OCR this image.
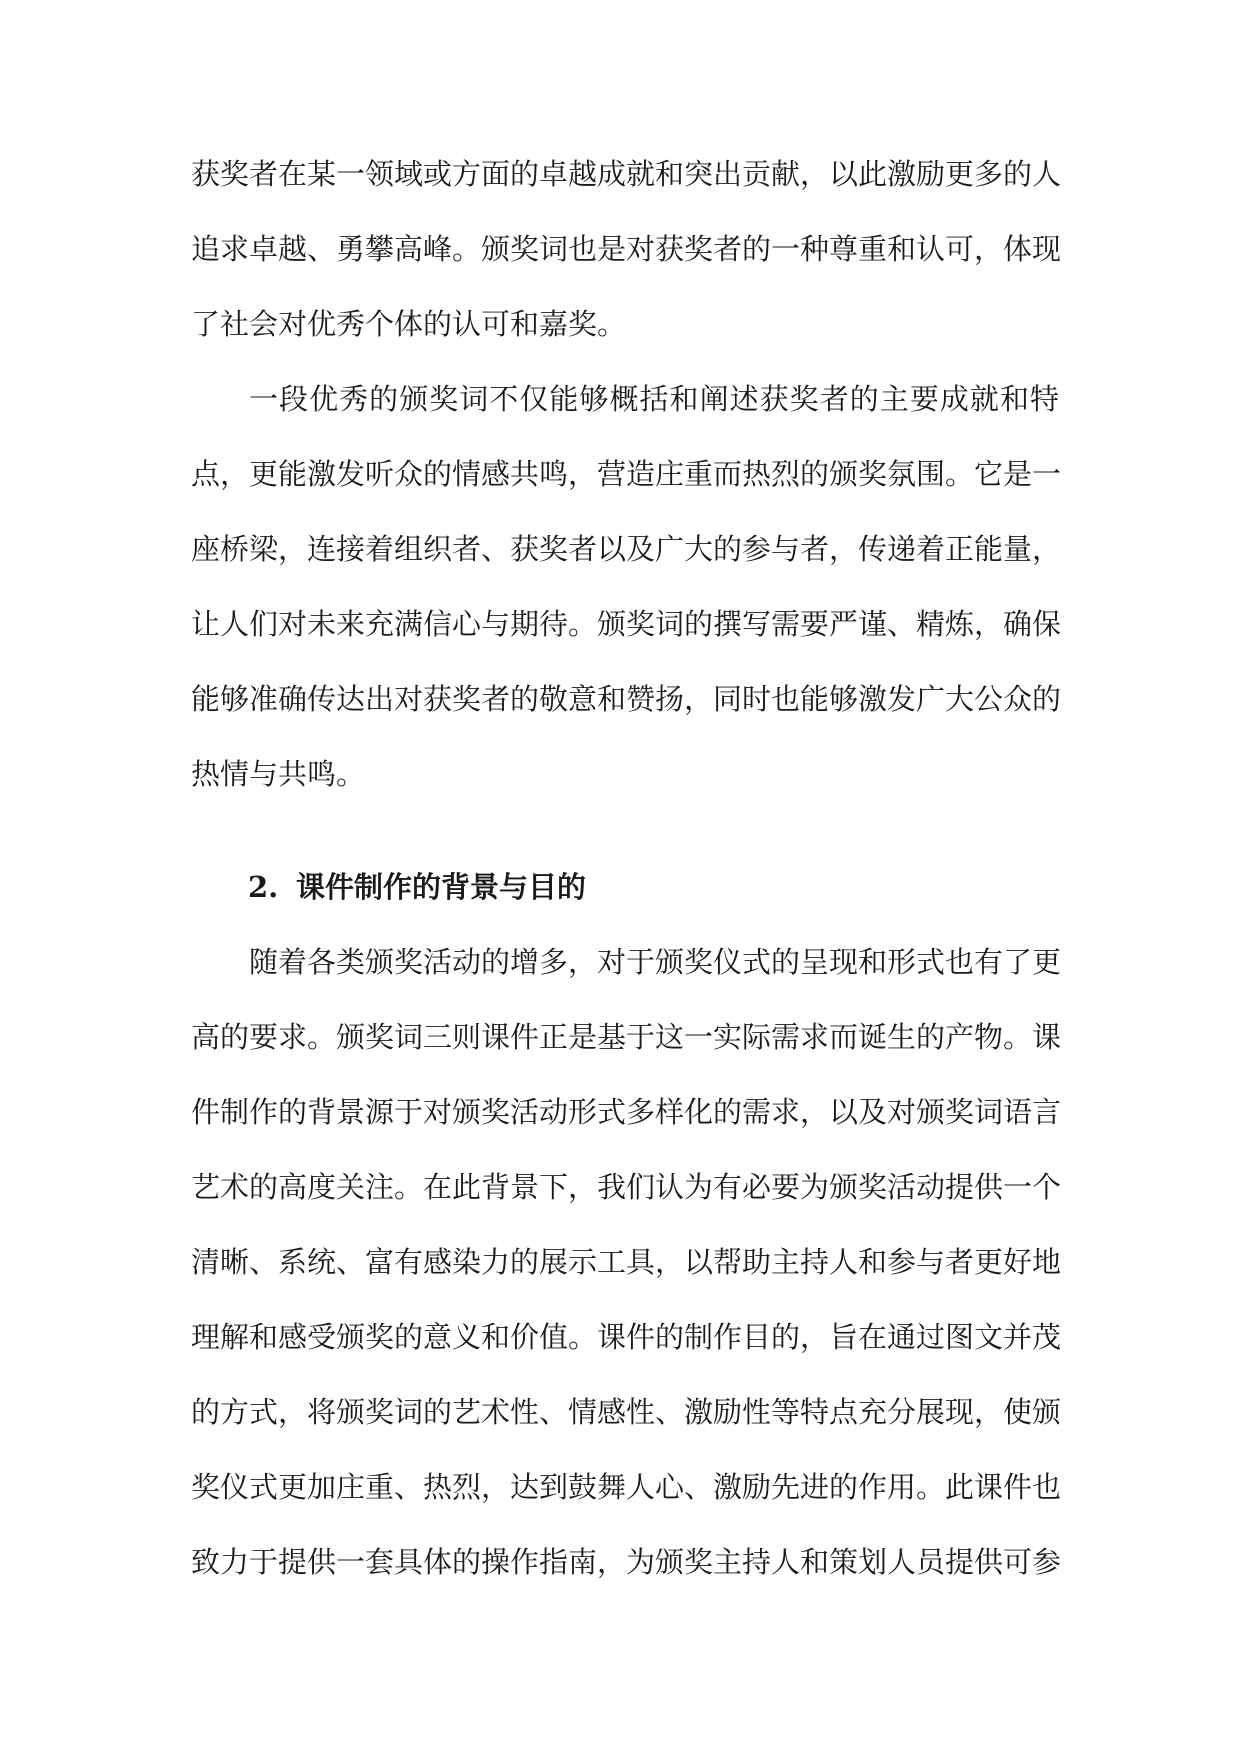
获奖者在某一领域或方面的卓越成就和突出贡献，以此激励更多的人
追求卓越、勇攀高峰。颁奖词也是对获奖者的一种尊重和认可，体现
了社会对优秀个体的认可和嘉奖。
一段优秀的颁奖词不仅能够概括和阐述获奖者的主要成就和特
点，更能激发听众的情感共鸣，营造庄重而热烈的颁奖氛围。它是一
座桥梁，连接着组织者、获奖者以及广大的参与者，传递着正能量，
让人们对未来充满信心与期待。颁奖词的撰写需要严谨、精炼，确保
能够准确传达出对获奖者的敬意和赞扬，同时也能够激发广大公众的
热情与共鸣。
2. 课件制作的背景与目的
随着各类颁奖活动的增多，对于颁奖仪式的呈现和形式也有了更
高的要求。颁奖词三则课件正是基于这一实际需求而诞生的产物。课
件制作的背景源于对颁奖活动形式多样化的需求，以及对颁奖词语言
艺术的高度关注。在此背景下，我们认为有必要为颁奖活动提供一个
清晰、系统、富有感染力的展示工具，以帮助主持人和参与者更好地
理解和感受颁奖的意义和价值。课件的制作目的，旨在通过图文并茂
的方式，将颁奖词的艺术性、情感性、激励性等特点充分展现，使颁
奖仪式更加庄重、热烈，达到鼓舞人心、激励先进的作用。此课件也
致力于提供一套具体的操作指南，为颁奖主持人和策划人员提供可参
